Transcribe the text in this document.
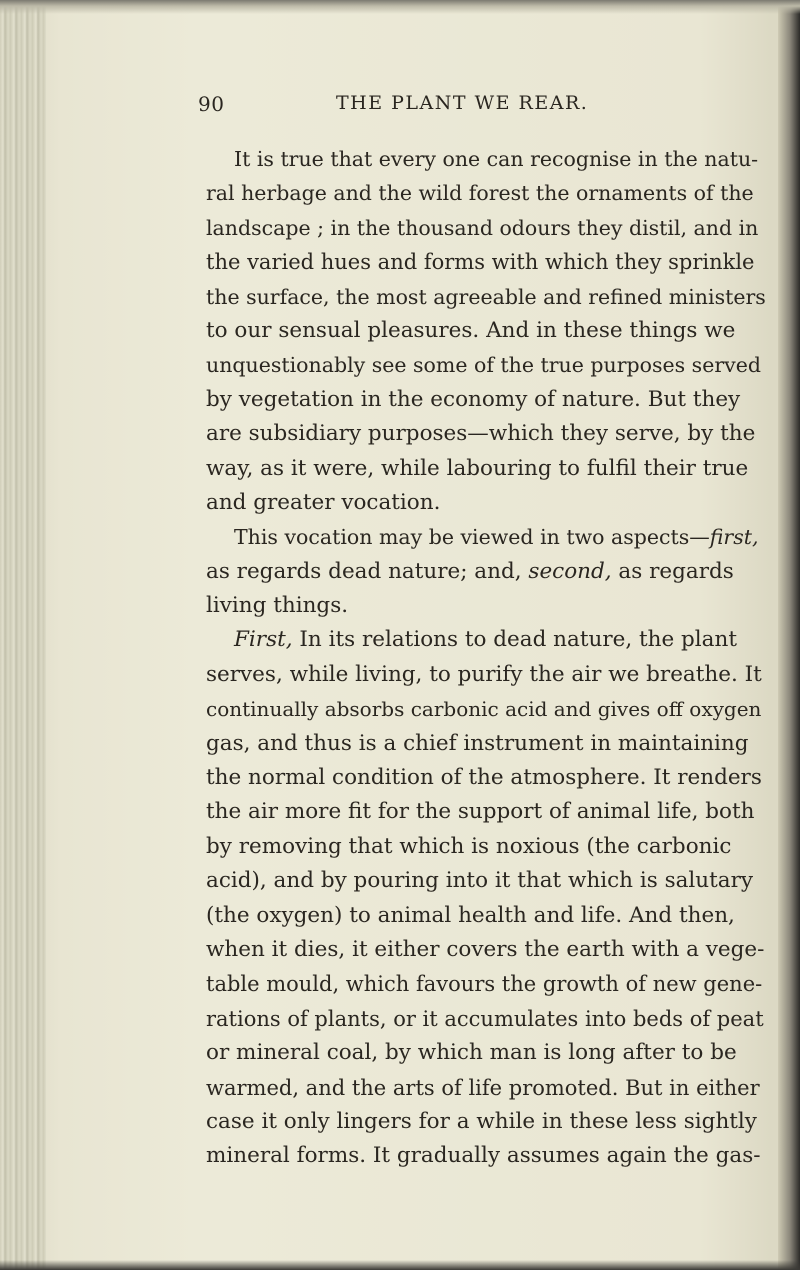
90	THE PLANT WE REAR.
It is true that every one can recognise in the natu-
ral herbage and the wild forest the ornaments of the
landscape ; in the thousand odours they distil, and in
the varied hues and forms with which they sprinkle
the surface, the most agreeable and refined ministers
to our sensual pleasures. And in these things we
unquestionably see some of the true purposes served
by vegetation in the economy of nature. But they
are subsidiary purposes—which they serve, by the
way, as it were, while labouring to fulfil their true
and greater vocation.
This vocation may be viewed in two aspects—first,
as regards dead nature; and, second, as regards
living things.
First, In its relations to dead nature, the plant
serves, while living, to purify the air we breathe. It
continually absorbs carbonic acid and gives off oxygen
gas, and thus is a chief instrument in maintaining
the normal condition of the atmosphere. It renders
the air more fit for the support of animal life, both
by removing that which is noxious (the carbonic
acid), and by pouring into it that which is salutary
(the oxygen) to animal health and life. And then,
when it dies, it either covers the earth with a vege-
table mould, which favours the growth of new gene-
rations of plants, or it accumulates into beds of peat
or mineral coal, by which man is long after to be
warmed, and the arts of life promoted. But in either
case it only lingers for a while in these less sightly
mineral forms. It gradually assumes again the gas-
